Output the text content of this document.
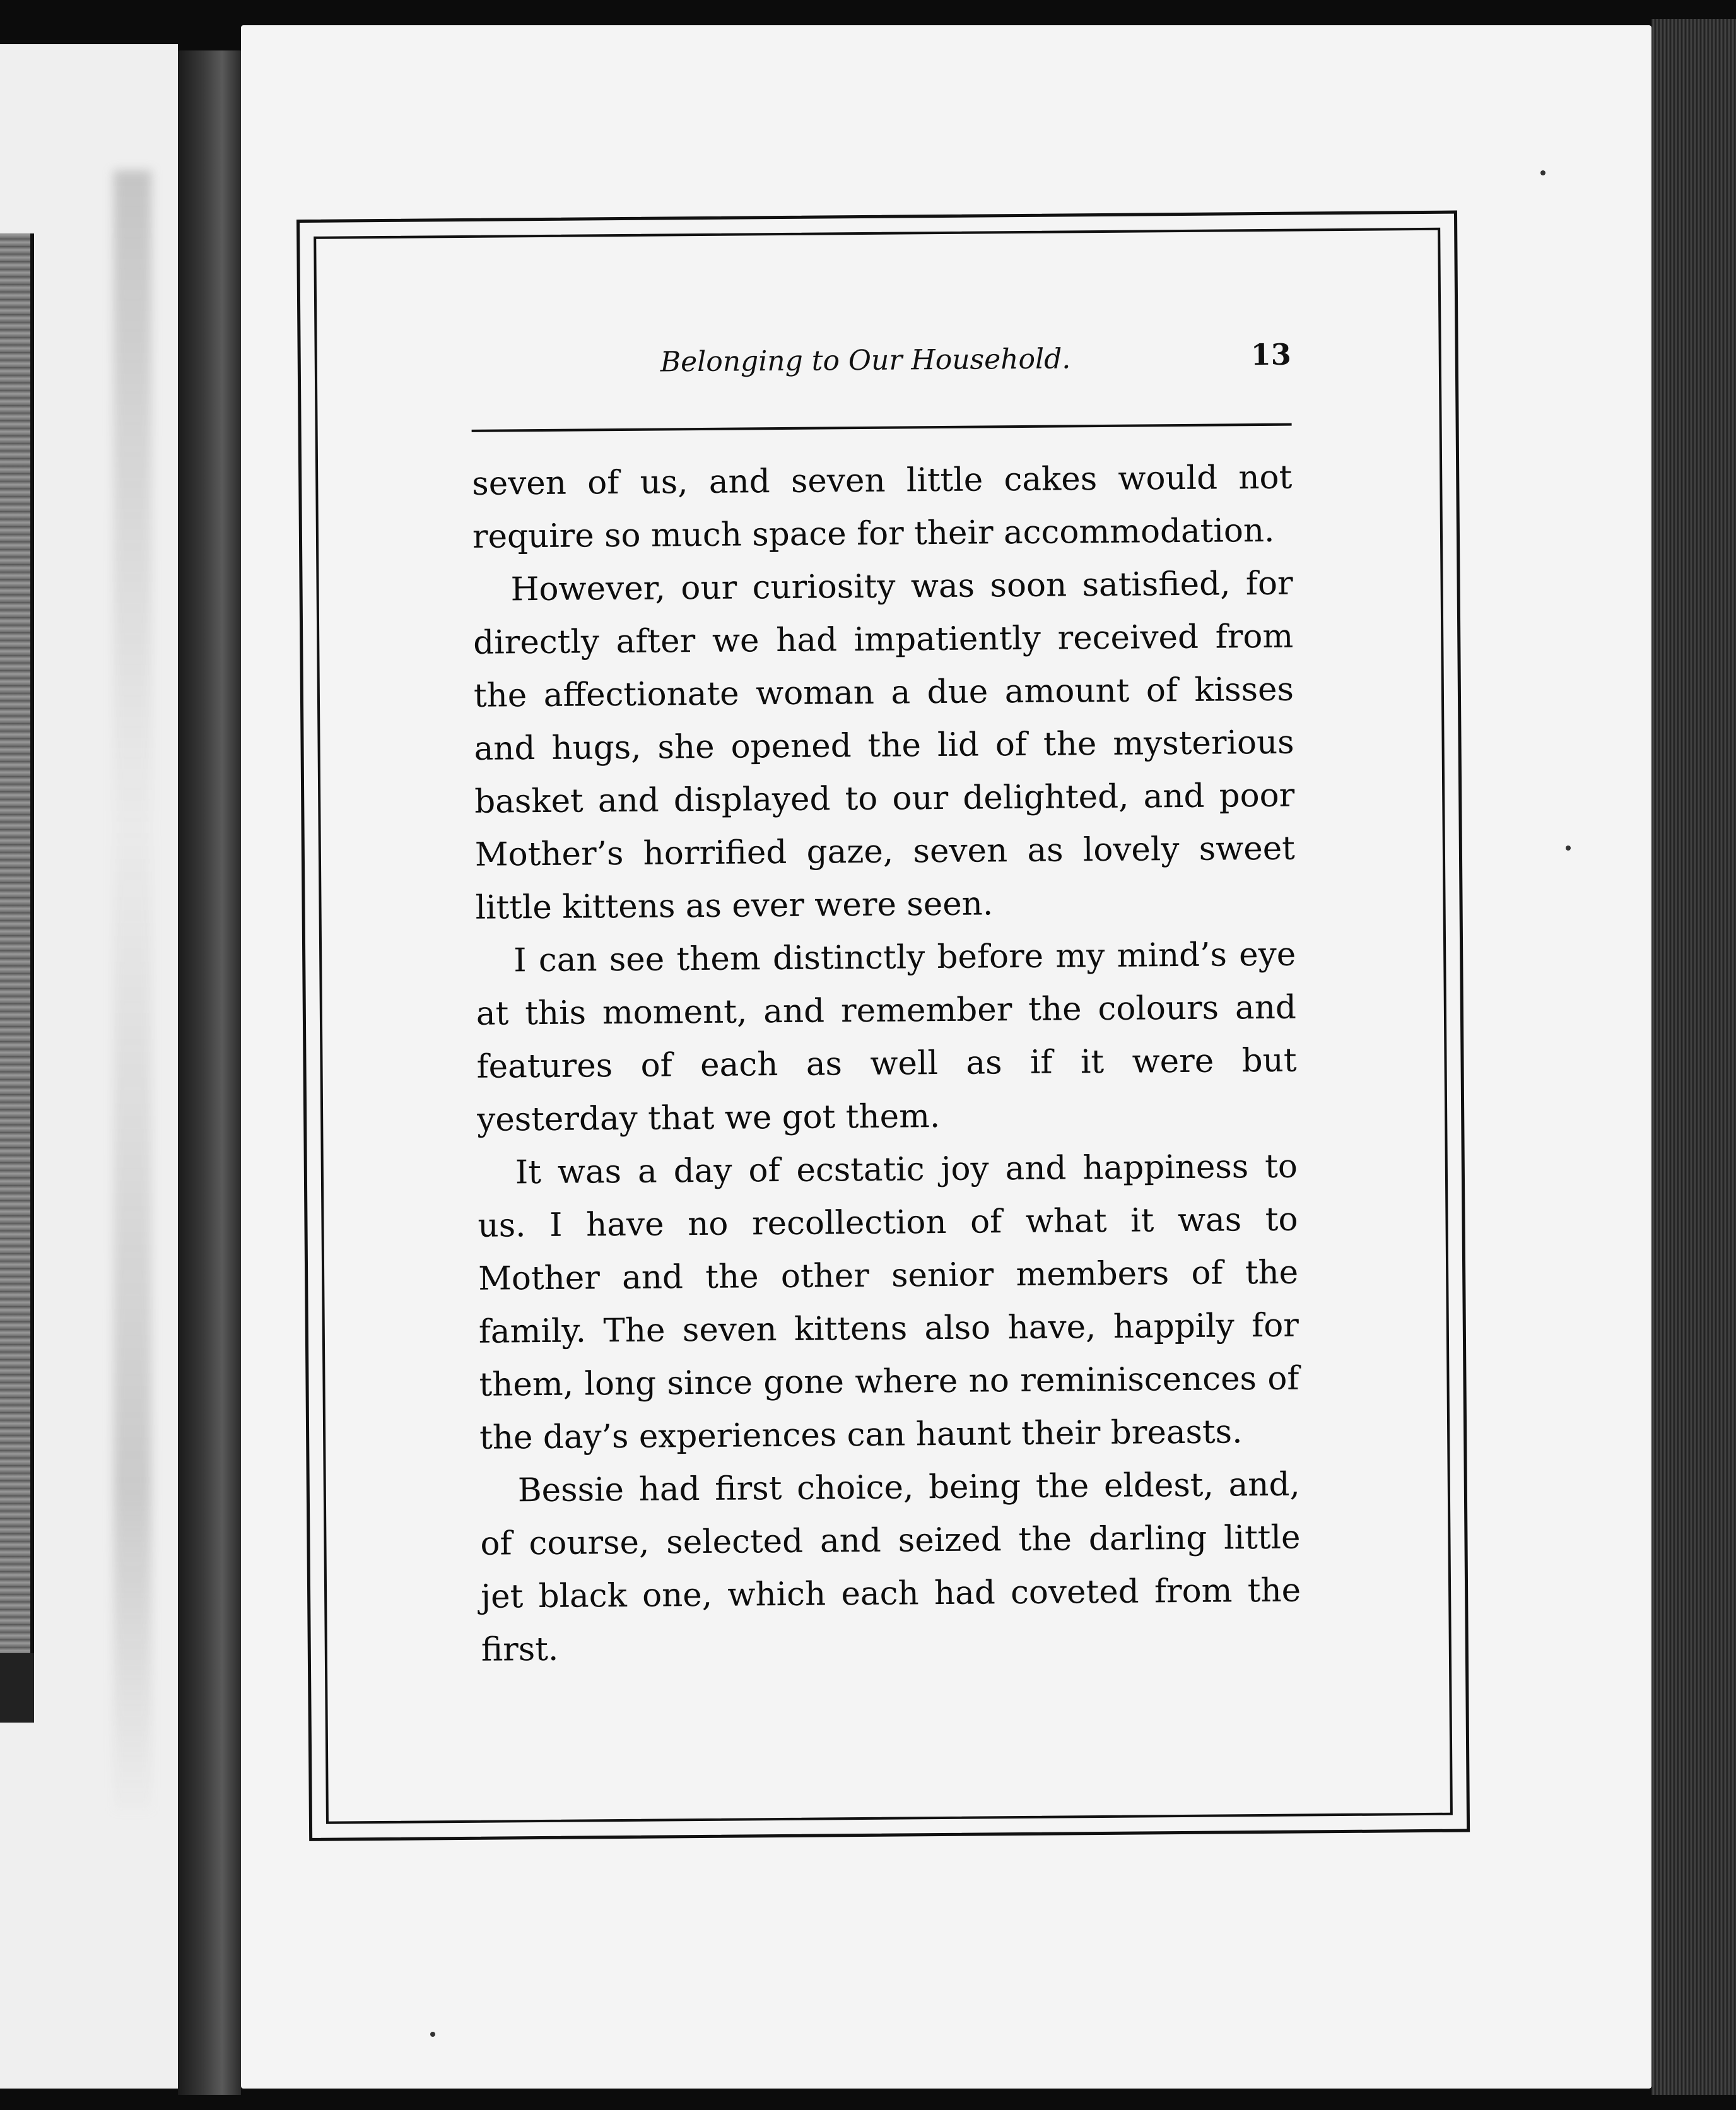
Belonging to Our Household.	13

seven of us, and seven little cakes would not require so much space for their accommodation.

However, our curiosity was soon satisfied, for directly after we had impatiently received from the affectionate woman a due amount of kisses and hugs, she opened the lid of the mysterious basket and displayed to our delighted, and poor Mother’s horrified gaze, seven as lovely sweet little kittens as ever were seen.

I can see them distinctly before my mind’s eye at this moment, and remember the colours and features of each as well as if it were but yesterday that we got them.

It was a day of ecstatic joy and happiness to us. I have no recollection of what it was to Mother and the other senior members of the family. The seven kittens also have, happily for them, long since gone where no reminiscences of the day’s experiences can haunt their breasts.

Bessie had first choice, being the eldest, and, of course, selected and seized the darling little jet black one, which each had coveted from the first.
